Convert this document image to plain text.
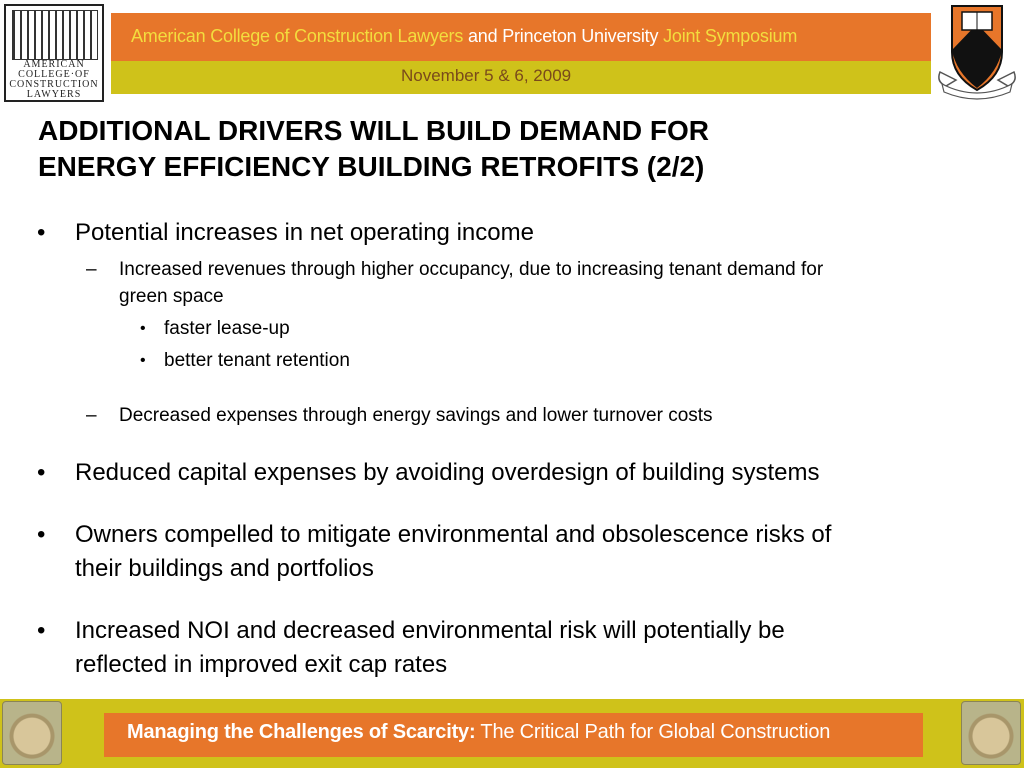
AMERICAN
COLLEGE·OF
CONSTRUCTION
LAWYERS
American College of Construction Lawyers and Princeton University Joint Symposium
November 5 & 6, 2009
ADDITIONAL DRIVERS WILL BUILD DEMAND FOR
ENERGY EFFICIENCY BUILDING RETROFITS (2/2)
• Potential increases in net operating income
– Increased revenues through higher occupancy, due to increasing tenant demand for
green space
• faster lease-up
• better tenant retention
– Decreased expenses through energy savings and lower turnover costs
• Reduced capital expenses by avoiding overdesign of building systems
• Owners compelled to mitigate environmental and obsolescence risks of
their buildings and portfolios
• Increased NOI and decreased environmental risk will potentially be
reflected in improved exit cap rates
Managing the Challenges of Scarcity: The Critical Path for Global Construction
